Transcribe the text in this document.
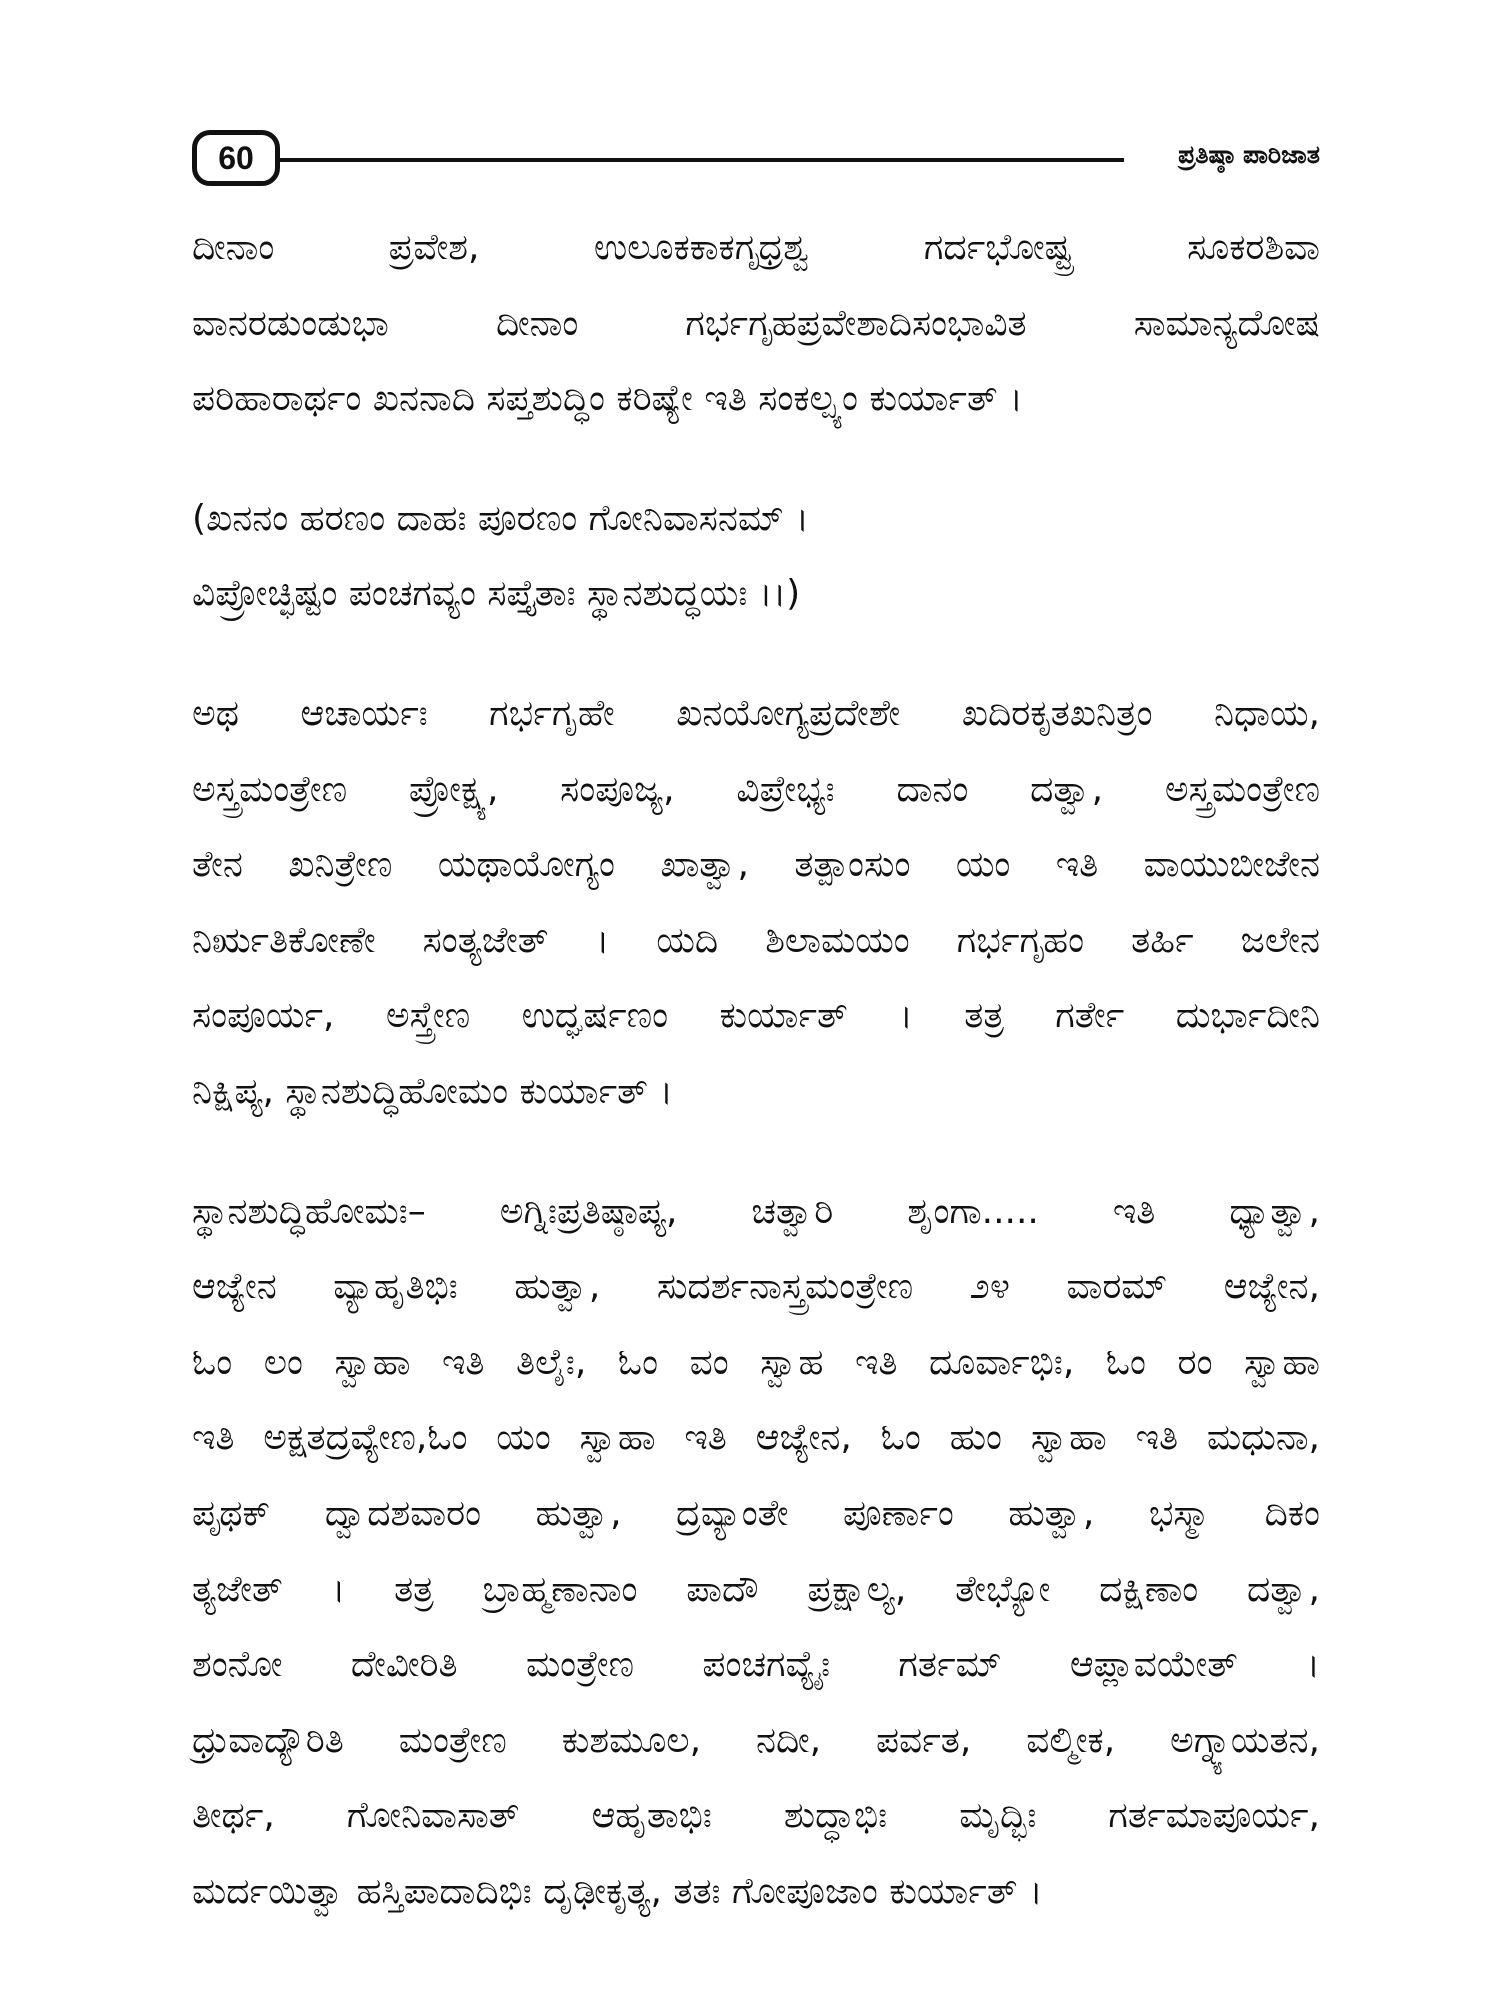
60	ಪ್ರತಿಷ್ಠಾ ಪಾರಿಜಾತ
ದೀನಾಂ ಪ್ರವೇಶ, ಉಲೂಕಕಾಕಗೃಧ್ರಶ್ವ ಗರ್ದಭೋಷ್ಟ್ರ ಸೂಕರಶಿವಾ
ವಾನರಡುಂಡುಭಾ ದೀನಾಂ ಗರ್ಭಗೃಹಪ್ರವೇಶಾದಿಸಂಭಾವಿತ ಸಾಮಾನ್ಯದೋಷ
ಪರಿಹಾರಾರ್ಥಂ ಖನನಾದಿ ಸಪ್ತಶುದ್ಧಿಂ ಕರಿಷ್ಯೇ ಇತಿ ಸಂಕಲ್ಪ್ಯಂ ಕುರ್ಯಾತ್ ।
(ಖನನಂ ಹರಣಂ ದಾಹಃ ಪೂರಣಂ ಗೋನಿವಾಸನಮ್ ।
ವಿಪ್ರೋಚ್ಛಿಷ್ಟಂ ಪಂಚಗವ್ಯಂ ಸಪ್ತೈತಾಃ ಸ್ಥಾನಶುದ್ಧಯಃ ।।)
ಅಥ ಆಚಾರ್ಯಃ ಗರ್ಭಗೃಹೇ ಖನಯೋಗ್ಯಪ್ರದೇಶೇ ಖದಿರಕೃತಖನಿತ್ರಂ ನಿಧಾಯ,
ಅಸ್ತ್ರಮಂತ್ರೇಣ ಪ್ರೋಕ್ಷ್ಯ, ಸಂಪೂಜ್ಯ, ವಿಪ್ರೇಭ್ಯಃ ದಾನಂ ದತ್ವಾ, ಅಸ್ತ್ರಮಂತ್ರೇಣ
ತೇನ ಖನಿತ್ರೇಣ ಯಥಾಯೋಗ್ಯಂ ಖಾತ್ವಾ, ತತ್ಪಾಂಸುಂ ಯಂ ಇತಿ ವಾಯುಬೀಜೇನ
ನಿರ್ಋತಿಕೋಣೇ ಸಂತ್ಯಜೇತ್ । ಯದಿ ಶಿಲಾಮಯಂ ಗರ್ಭಗೃಹಂ ತರ್ಹಿ ಜಲೇನ
ಸಂಪೂರ್ಯ, ಅಸ್ತ್ರೇಣ ಉದ್ಘರ್ಷಣಂ ಕುರ್ಯಾತ್ । ತತ್ರ ಗರ್ತೇ ದುರ್ಭಾದೀನಿ
ನಿಕ್ಷಿಪ್ಯ, ಸ್ಥಾನಶುದ್ಧಿಹೋಮಂ ಕುರ್ಯಾತ್ ।
ಸ್ಥಾನಶುದ್ಧಿಹೋಮಃ– ಅಗ್ನಿಃಪ್ರತಿಷ್ಠಾಪ್ಯ, ಚತ್ವಾರಿ ಶೃಂಗಾ..... ಇತಿ ಧ್ಯಾತ್ವಾ,
ಆಜ್ಯೇನ ವ್ಯಾಹೃತಿಭಿಃ ಹುತ್ವಾ, ಸುದರ್ಶನಾಸ್ತ್ರಮಂತ್ರೇಣ ೨೪ ವಾರಮ್ ಆಜ್ಯೇನ,
ಓಂ ಲಂ ಸ್ವಾಹಾ ಇತಿ ತಿಲೈಃ, ಓಂ ವಂ ಸ್ವಾಹ ಇತಿ ದೂರ್ವಾಭಿಃ, ಓಂ ರಂ ಸ್ವಾಹಾ
ಇತಿ ಅಕ್ಷತದ್ರವ್ಯೇಣ,ಓಂ ಯಂ ಸ್ವಾಹಾ ಇತಿ ಆಜ್ಯೇನ, ಓಂ ಹುಂ ಸ್ವಾಹಾ ಇತಿ ಮಧುನಾ,
ಪೃಥಕ್ ದ್ವಾದಶವಾರಂ ಹುತ್ವಾ, ದ್ರವ್ಯಾಂತೇ ಪೂರ್ಣಾಂ ಹುತ್ವಾ, ಭಸ್ಮಾ ದಿಕಂ
ತ್ಯಜೇತ್ । ತತ್ರ ಬ್ರಾಹ್ಮಣಾನಾಂ ಪಾದೌ ಪ್ರಕ್ಷಾಲ್ಯ, ತೇಭ್ಯೋ ದಕ್ಷಿಣಾಂ ದತ್ವಾ,
ಶಂನೋ ದೇವೀರಿತಿ ಮಂತ್ರೇಣ ಪಂಚಗವ್ಯೈಃ ಗರ್ತಮ್ ಆಪ್ಲಾವಯೇತ್ ।
ಧ್ರುವಾದ್ಯೌರಿತಿ ಮಂತ್ರೇಣ ಕುಶಮೂಲ, ನದೀ, ಪರ್ವತ, ವಲ್ಮೀಕ, ಅಗ್ನ್ಯಾಯತನ,
ತೀರ್ಥ, ಗೋನಿವಾಸಾತ್ ಆಹೃತಾಭಿಃ ಶುದ್ಧಾಭಿಃ ಮೃದ್ಭಿಃ ಗರ್ತಮಾಪೂರ್ಯ,
ಮರ್ದಯಿತ್ವಾ ಹಸ್ತಿಪಾದಾದಿಭಿಃ ದೃಢೀಕೃತ್ಯ, ತತಃ ಗೋಪೂಜಾಂ ಕುರ್ಯಾತ್ ।
